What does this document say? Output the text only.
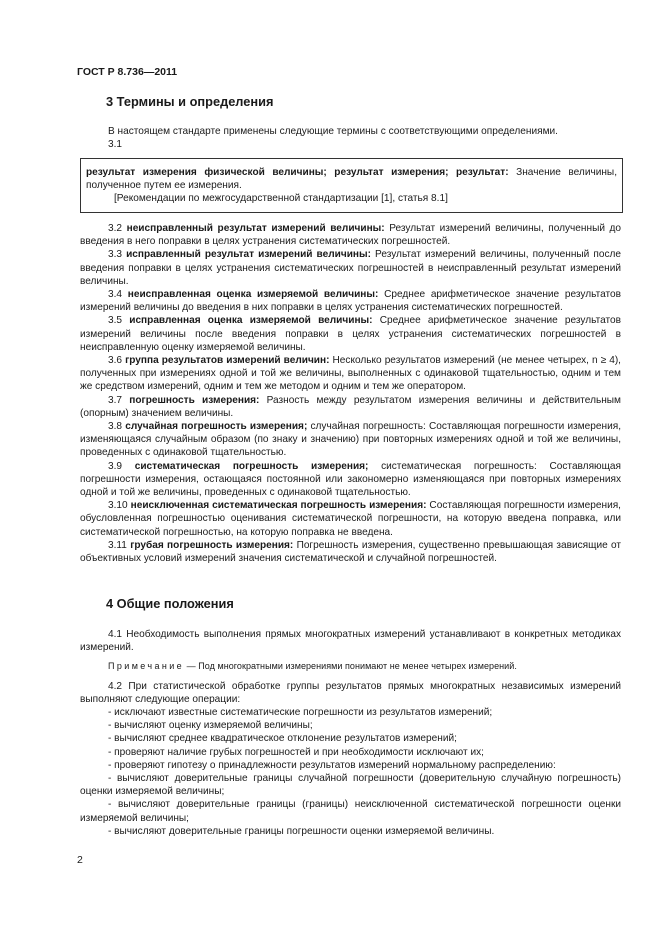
ГОСТ Р 8.736—2011
3 Термины и определения

В настоящем стандарте применены следующие термины с соответствующими определениями.

3.1

результат измерения физической величины; результат измерения; результат: Значение величины, полученное путем ее измерения.

[Рекомендации по межгосударственной стандартизации [1], статья 8.1]

3.2 неисправленный результат измерений величины: Результат измерений величины, полученный до введения в него поправки в целях устранения систематических погрешностей.

3.3 исправленный результат измерений величины: Результат измерений величины, полученный после введения поправки в целях устранения систематических погрешностей в неисправленный результат измерений величины.

3.4 неисправленная оценка измеряемой величины: Среднее арифметическое значение результатов измерений величины до введения в них поправки в целях устранения систематических погрешностей.

3.5 исправленная оценка измеряемой величины: Среднее арифметическое значение результатов измерений величины после введения поправки в целях устранения систематических погрешностей в неисправленную оценку измеряемой величины.

3.6 группа результатов измерений величин: Несколько результатов измерений (не менее четырех, n ≥ 4), полученных при измерениях одной и той же величины, выполненных с одинаковой тщательностью, одним и тем же средством измерений, одним и тем же методом и одним и тем же оператором.

3.7 погрешность измерения: Разность между результатом измерения величины и действительным (опорным) значением величины.

3.8 случайная погрешность измерения; случайная погрешность: Составляющая погрешности измерения, изменяющаяся случайным образом (по знаку и значению) при повторных измерениях одной и той же величины, проведенных с одинаковой тщательностью.

3.9 систематическая погрешность измерения; систематическая погрешность: Составляющая погрешности измерения, остающаяся постоянной или закономерно изменяющаяся при повторных измерениях одной и той же величины, проведенных с одинаковой тщательностью.

3.10 неисключенная систематическая погрешность измерения: Составляющая погрешности измерения, обусловленная погрешностью оценивания систематической погрешности, на которую введена поправка, или систематической погрешностью, на которую поправка не введена.

3.11 грубая погрешность измерения: Погрешность измерения, существенно превышающая зависящие от объективных условий измерений значения систематической и случайной погрешностей.

4 Общие положения

4.1 Необходимость выполнения прямых многократных измерений устанавливают в конкретных методиках измерений.

Примечание — Под многократными измерениями понимают не менее четырех измерений.

4.2 При статистической обработке группы результатов прямых многократных независимых измерений выполняют следующие операции:

- исключают известные систематические погрешности из результатов измерений;

- вычисляют оценку измеряемой величины;

- вычисляют среднее квадратическое отклонение результатов измерений;

- проверяют наличие грубых погрешностей и при необходимости исключают их;

- проверяют гипотезу о принадлежности результатов измерений нормальному распределению:

- вычисляют доверительные границы случайной погрешности (доверительную случайную погрешность) оценки измеряемой величины;

- вычисляют доверительные границы (границы) неисключенной систематической погрешности оценки измеряемой величины;

- вычисляют доверительные границы погрешности оценки измеряемой величины.

2
